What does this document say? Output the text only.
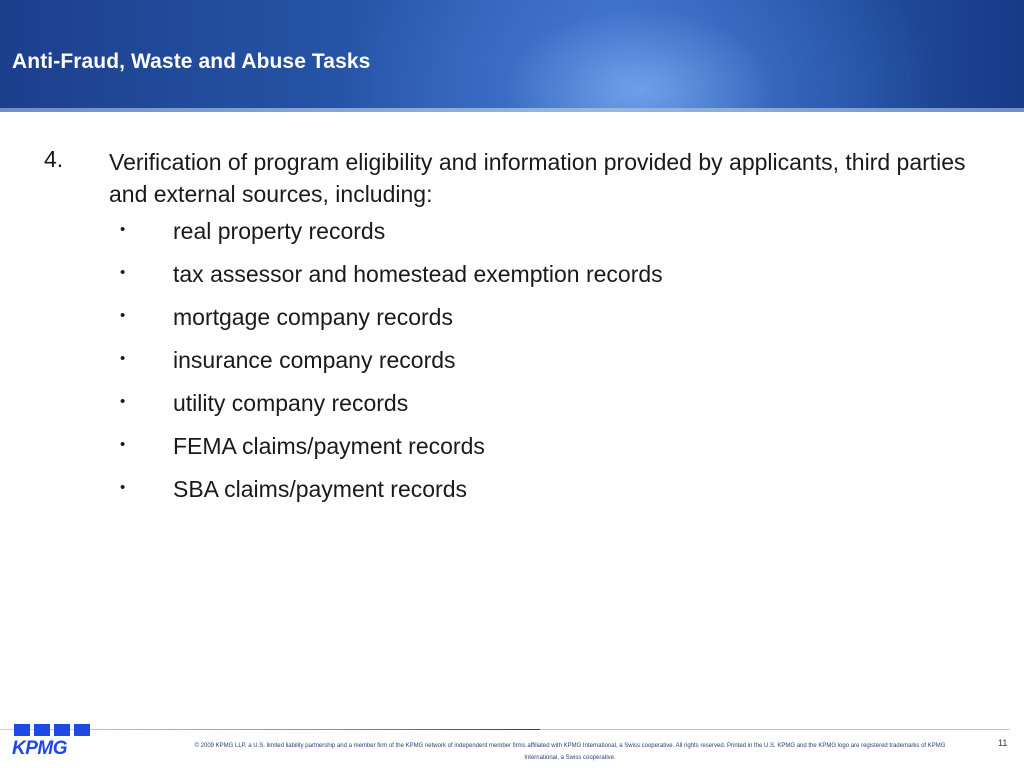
Anti-Fraud, Waste and Abuse Tasks
4. Verification of program eligibility and information provided by applicants, third parties and external sources, including:
• real property records
• tax assessor and homestead exemption records
• mortgage company records
• insurance company records
• utility company records
• FEMA claims/payment records
• SBA claims/payment records
KPMG	© 2009 KPMG LLP, a U.S. limited liability partnership and a member firm of the KPMG network of independent member firms affiliated with KPMG International, a Swiss cooperative. All rights reserved. Printed in the U.S. KPMG and the KPMG logo are registered trademarks of KPMG International, a Swiss cooperative.
11
